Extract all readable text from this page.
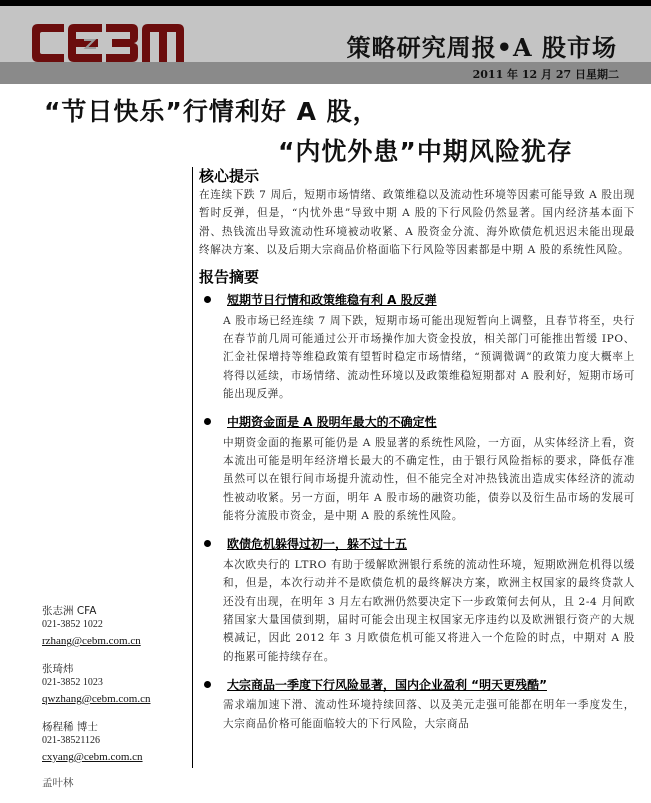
策略研究周报•A 股市场
2011 年 12 月 27 日星期二
“节日快乐”行情利好 A 股，
“内忧外患”中期风险犹存
核心提示

在连续下跌 7 周后，短期市场情绪、政策维稳以及流动性环境等因素可能导致 A 股出现暂时反弹，但是，“内忧外患”导致中期 A 股的下行风险仍然显著。国内经济基本面下滑、热钱流出导致流动性环境被动收紧、A 股资金分流、海外欧债危机迟迟未能出现最终解决方案、以及后期大宗商品价格面临下行风险等因素都是中期 A 股的系统性风险。

报告摘要
短期节日行情和政策维稳有利 A 股反弹

A 股市场已经连续 7 周下跌，短期市场可能出现短暂向上调整，且春节将至，央行在春节前几周可能通过公开市场操作加大资金投放，相关部门可能推出暂缓 IPO、汇金社保增持等维稳政策有望暂时稳定市场情绪，“预调微调”的政策力度大概率上将得以延续，市场情绪、流动性环境以及政策维稳短期都对 A 股利好，短期市场可能出现反弹。

中期资金面是 A 股明年最大的不确定性

中期资金面的拖累可能仍是 A 股显著的系统性风险，一方面，从实体经济上看，资本流出可能是明年经济增长最大的不确定性，由于银行风险指标的要求，降低存准虽然可以在银行间市场提升流动性，但不能完全对冲热钱流出造成实体经济的流动性被动收紧。另一方面，明年 A 股市场的融资功能，债券以及衍生品市场的发展可能将分流股市资金，是中期 A 股的系统性风险。

欧债危机躲得过初一，躲不过十五

本次欧央行的 LTRO 有助于缓解欧洲银行系统的流动性环境，短期欧洲危机得以缓和，但是，本次行动并不是欧债危机的最终解决方案，欧洲主权国家的最终贷款人还没有出现，在明年 3 月左右欧洲仍然要决定下一步政策何去何从，且 2-4 月间欧猪国家大量国债到期，届时可能会出现主权国家无序违约以及欧洲银行资产的大规模减记，因此 2012 年 3 月欧债危机可能又将进入一个危险的时点，中期对 A 股的拖累可能持续存在。

大宗商品一季度下行风险显著，国内企业盈利 “明天更残酷”

需求端加速下滑、流动性环境持续回落、以及美元走强可能都在明年一季度发生，大宗商品价格可能面临较大的下行风险，大宗商品

张志洲 CFA
021-3852 1022
rzhang@cebm.com.cn
张琦炜
021-3852 1023
qwzhang@cebm.com.cn
杨程稀 博士
021-38521126
cxyang@cebm.com.cn
孟叶林
